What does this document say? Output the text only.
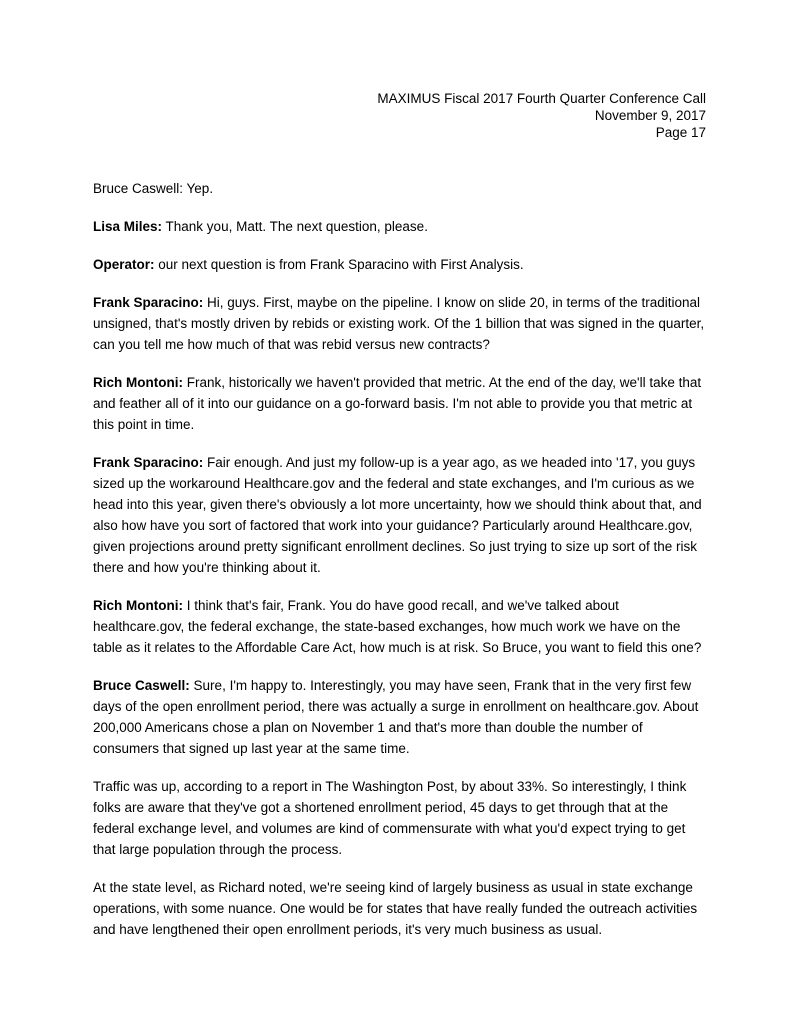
MAXIMUS Fiscal 2017 Fourth Quarter Conference Call
November 9, 2017
Page 17

Bruce Caswell: Yep.

Lisa Miles: Thank you, Matt. The next question, please.

Operator: our next question is from Frank Sparacino with First Analysis.

Frank Sparacino: Hi, guys. First, maybe on the pipeline. I know on slide 20, in terms of the traditional unsigned, that's mostly driven by rebids or existing work. Of the 1 billion that was signed in the quarter, can you tell me how much of that was rebid versus new contracts?

Rich Montoni: Frank, historically we haven't provided that metric. At the end of the day, we'll take that and feather all of it into our guidance on a go-forward basis. I'm not able to provide you that metric at this point in time.

Frank Sparacino: Fair enough. And just my follow-up is a year ago, as we headed into '17, you guys sized up the workaround Healthcare.gov and the federal and state exchanges, and I'm curious as we head into this year, given there's obviously a lot more uncertainty, how we should think about that, and also how have you sort of factored that work into your guidance? Particularly around Healthcare.gov, given projections around pretty significant enrollment declines. So just trying to size up sort of the risk there and how you're thinking about it.

Rich Montoni: I think that's fair, Frank. You do have good recall, and we've talked about healthcare.gov, the federal exchange, the state-based exchanges, how much work we have on the table as it relates to the Affordable Care Act, how much is at risk. So Bruce, you want to field this one?

Bruce Caswell: Sure, I'm happy to. Interestingly, you may have seen, Frank that in the very first few days of the open enrollment period, there was actually a surge in enrollment on healthcare.gov. About 200,000 Americans chose a plan on November 1 and that's more than double the number of consumers that signed up last year at the same time.

Traffic was up, according to a report in The Washington Post, by about 33%. So interestingly, I think folks are aware that they've got a shortened enrollment period, 45 days to get through that at the federal exchange level, and volumes are kind of commensurate with what you'd expect trying to get that large population through the process.

At the state level, as Richard noted, we're seeing kind of largely business as usual in state exchange operations, with some nuance. One would be for states that have really funded the outreach activities and have lengthened their open enrollment periods, it's very much business as usual.
